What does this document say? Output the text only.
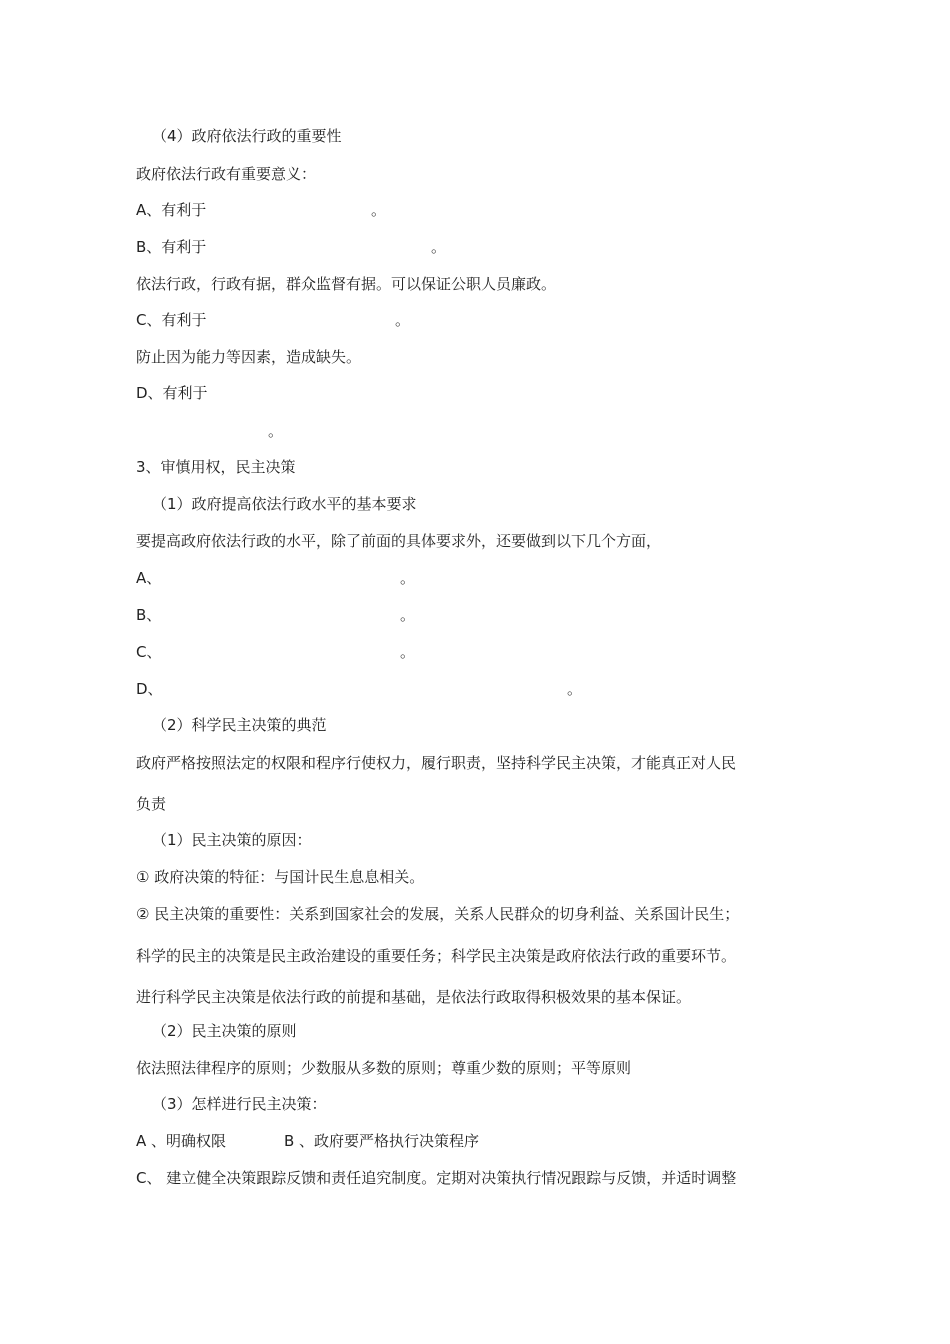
（4）政府依法行政的重要性
政府依法行政有重要意义：
A、有利于	。
B、有利于	。
依法行政，行政有据，群众监督有据。可以保证公职人员廉政。
C、有利于	。
防止因为能力等因素，造成缺失。
D、有利于
。
3、审慎用权，民主决策
（1）政府提高依法行政水平的基本要求
要提高政府依法行政的水平，除了前面的具体要求外，还要做到以下几个方面，
A、	。
B、	。
C、	。
D、	。
（2）科学民主决策的典范
政府严格按照法定的权限和程序行使权力，履行职责，坚持科学民主决策，才能真正对人民
负责
（1）民主决策的原因：
① 政府决策的特征：与国计民生息息相关。
② 民主决策的重要性：关系到国家社会的发展，关系人民群众的切身利益、关系国计民生；
科学的民主的决策是民主政治建设的重要任务；科学民主决策是政府依法行政的重要环节。
进行科学民主决策是依法行政的前提和基础，是依法行政取得积极效果的基本保证。
（2）民主决策的原则
依法照法律程序的原则；少数服从多数的原则；尊重少数的原则；平等原则
（3）怎样进行民主决策：
A 、明确权限	B 、政府要严格执行决策程序
C、 建立健全决策跟踪反馈和责任追究制度。定期对决策执行情况跟踪与反馈，并适时调整
